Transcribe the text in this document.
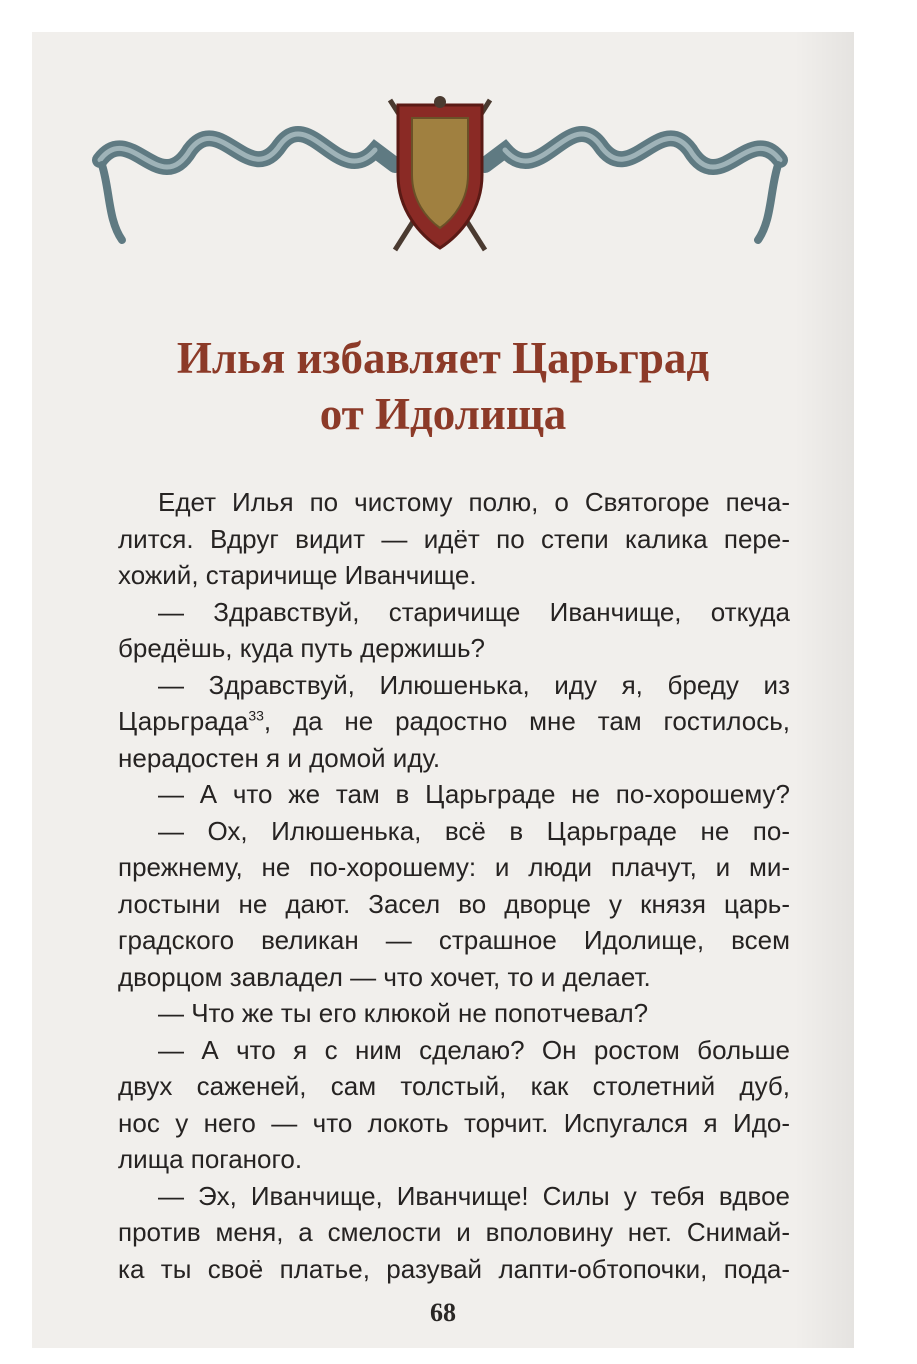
Илья избавляет Царьград
от Идолища
Едет Илья по чистому полю, о Святогоре печа-
лится. Вдруг видит — идёт по степи калика пере-
хожий, старичище Иванчище.
— Здравствуй, старичище Иванчище, откуда
бредёшь, куда путь держишь?
— Здравствуй, Илюшенька, иду я, бреду из
Царьграда$^{33}$, да не радостно мне там гостилось,
нерадостен я и домой иду.
— А что же там в Царьграде не по-хорошему?
— Ох, Илюшенька, всё в Царьграде не по-
прежнему, не по-хорошему: и люди плачут, и ми-
лостыни не дают. Засел во дворце у князя царь-
градского великан — страшное Идолище, всем
дворцом завладел — что хочет, то и делает.
— Что же ты его клюкой не попотчевал?
— А что я с ним сделаю? Он ростом больше
двух саженей, сам толстый, как столетний дуб,
нос у него — что локоть торчит. Испугался я Идо-
лища поганого.
— Эх, Иванчище, Иванчище! Силы у тебя вдвое
против меня, а смелости и вполовину нет. Снимай-
ка ты своё платье, разувай лапти-обтопочки, пода-
68
